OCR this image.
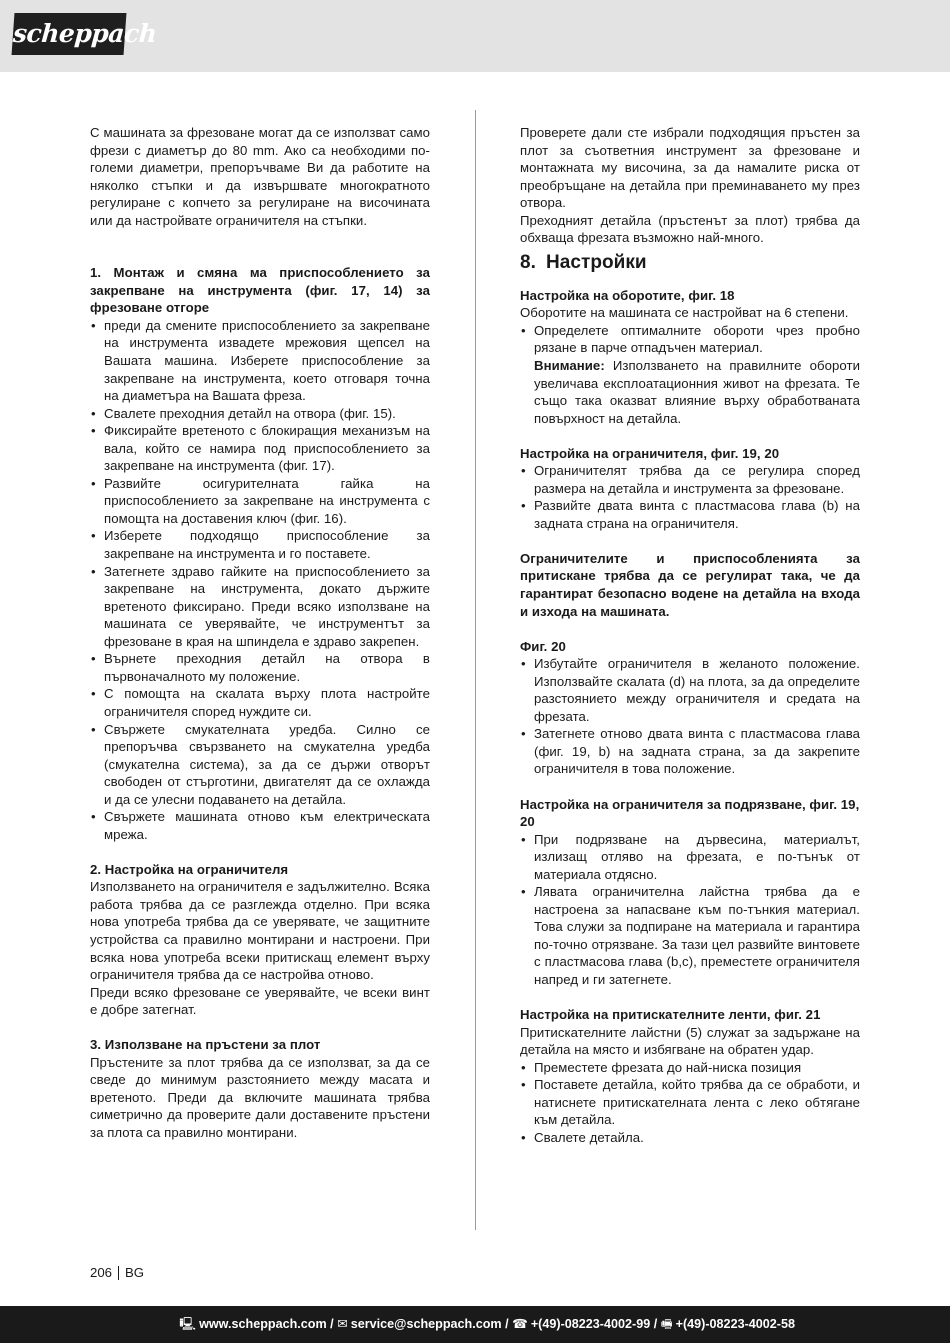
scheppach

С машината за фрезоване могат да се използват само фрези с диаметър до 80 mm. Ако са необходими по-големи диаметри, препоръчваме Ви да работите на няколко стъпки и да извършвате многократното регулиране с копчето за регулиране на височината или да настройвате ограничителя на стъпки.

1. Монтаж и смяна ма приспособлението за закрепване на инструмента (фиг. 17, 14) за фрезоване отгоре

• преди да смените приспособлението за закрепване на инструмента извадете мрежовия щепсел на Вашата машина. Изберете приспособление за закрепване на инструмента, което отговаря точна на диаметъра на Вашата фреза.
• Свалете преходния детайл на отвора (фиг. 15).
• Фиксирайте вретеното с блокиращия механизъм на вала, който се намира под приспособлението за закрепване на инструмента (фиг. 17).
• Развийте осигурителната гайка на приспособлението за закрепване на инструмента с помощта на доставения ключ (фиг. 16).
• Изберете подходящо приспособление за закрепване на инструмента и го поставете.
• Затегнете здраво гайките на приспособлението за закрепване на инструмента, докато държите вретеното фиксирано. Преди всяко използване на машината се уверявайте, че инструментът за фрезоване в края на шпиндела е здраво закрепен.
• Върнете преходния детайл на отвора в първоначалното му положение.
• С помощта на скалата върху плота настройте ограничителя според нуждите си.
• Свържете смукателната уредба. Силно се препоръчва свързването на смукателна уредба (смукателна система), за да се държи отворът свободен от стърготини, двигателят да се охлажда и да се улесни подаването на детайла.
• Свържете машината отново към електрическата мрежа.

2. Настройка на ограничителя

Използването на ограничителя е задължително. Всяка работа трябва да се разглежда отделно. При всяка нова употреба трябва да се уверявате, че защитните устройства са правилно монтирани и настроени. При всяка нова употреба всеки притискащ елемент върху ограничителя трябва да се настройва отново.

Преди всяко фрезоване се уверявайте, че всеки винт е добре затегнат.

3. Използване на пръстени за плот

Пръстените за плот трябва да се използват, за да се сведе до минимум разстоянието между масата и вретеното. Преди да включите машината трябва симетрично да проверите дали доставените пръстени за плота са правилно монтирани.

Проверете дали сте избрали подходящия пръстен за плот за съответния инструмент за фрезоване и монтажната му височина, за да намалите риска от преобръщане на детайла при преминаването му през отвора.

Преходният детайла (пръстенът за плот) трябва да обхваща фрезата възможно най-много.

8. Настройки

Настройка на оборотите, фиг. 18

Оборотите на машината се настройват на 6 степени.

• Определете оптималните обороти чрез пробно рязане в парче отпадъчен материал.
Внимание: Използването на правилните обороти увеличава експлоатационния живот на фрезата. Те също така оказват влияние върху обработваната повърхност на детайла.

Настройка на ограничителя, фиг. 19, 20

• Ограничителят трябва да се регулира според размера на детайла и инструмента за фрезоване.
• Развийте двата винта с пластмасова глава (b) на задната страна на ограничителя.

Ограничителите и приспособленията за притискане трябва да се регулират така, че да гарантират безопасно водене на детайла на входа и изхода на машината.

Фиг. 20

• Избутайте ограничителя в желаното положение. Използвайте скалата (d) на плота, за да определите разстоянието между ограничителя и средата на фрезата.
• Затегнете отново двата винта с пластмасова глава (фиг. 19, b) на задната страна, за да закрепите ограничителя в това положение.

Настройка на ограничителя за подрязване, фиг. 19, 20

• При подрязване на дървесина, материалът, излизащ отляво на фрезата, е по-тънък от материала отдясно.
• Лявата ограничителна лайстна трябва да е настроена за напасване към по-тънкия материал. Това служи за подпиране на материала и гарантира по-точно отрязване. За тази цел развийте винтовете с пластмасова глава (b,c), преместете ограничителя напред и ги затегнете.

Настройка на притискателните ленти, фиг. 21

Притискателните лайстни (5) служат за задържане на детайла на място и избягване на обратен удар.

• Преместете фрезата до най-ниска позиция
• Поставете детайла, който трябва да се обработи, и натиснете притискателната лента с леко обтягане към детайла.
• Свалете детайла.
206 BG
🖳 www.scheppach.com / ✉ service@scheppach.com / ☎ +(49)-08223-4002-99 / 🖷 +(49)-08223-4002-58
